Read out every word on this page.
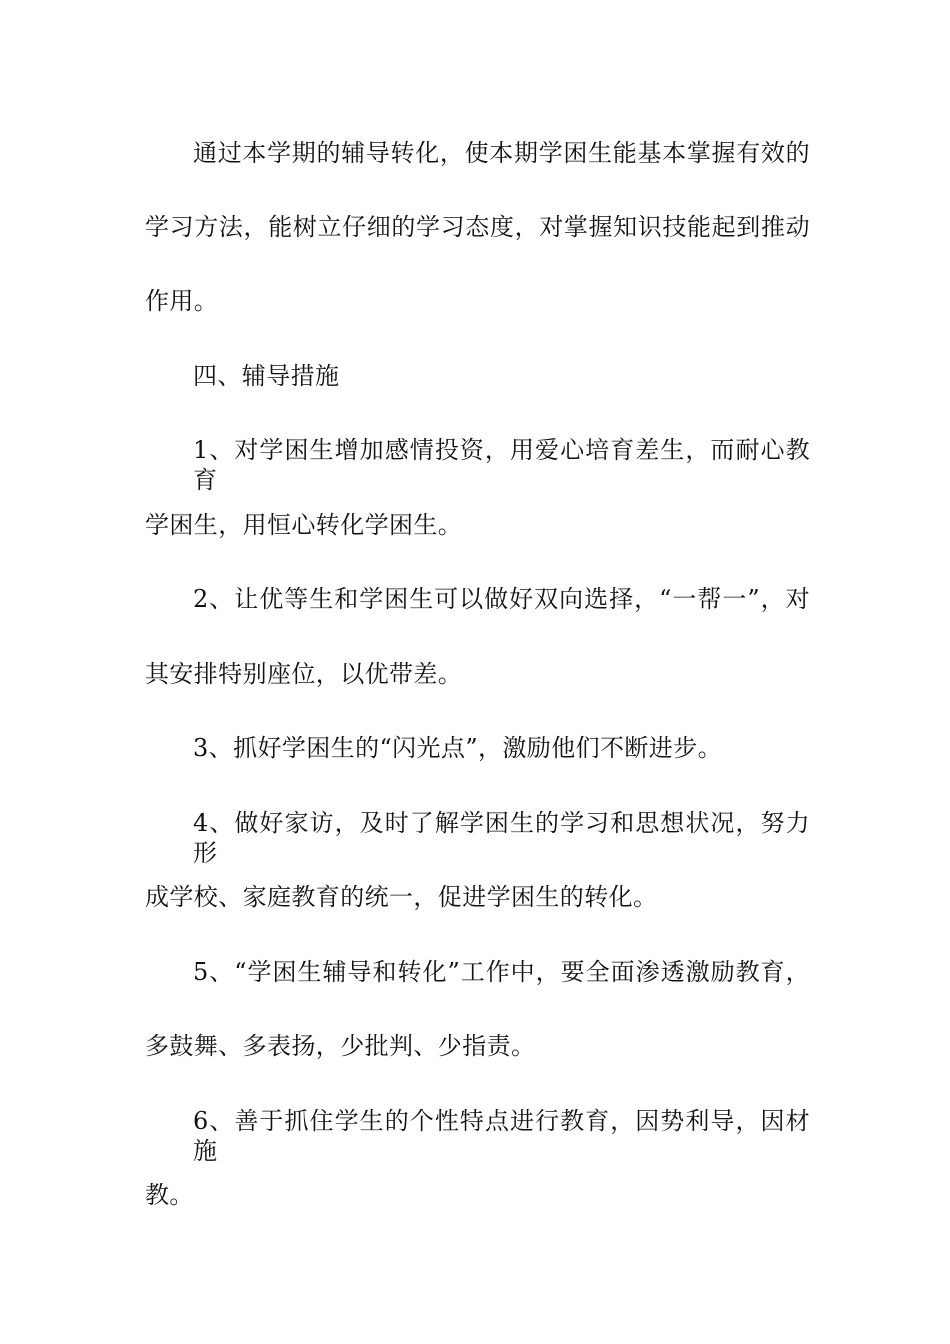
通过本学期的辅导转化，使本期学困生能基本掌握有效的
学习方法，能树立仔细的学习态度，对掌握知识技能起到推动
作用。
四、辅导措施
1、对学困生增加感情投资，用爱心培育差生，而耐心教育
学困生，用恒心转化学困生。
2、让优等生和学困生可以做好双向选择，“一帮一”，对
其安排特别座位，以优带差。
3、抓好学困生的“闪光点”，激励他们不断进步。
4、做好家访，及时了解学困生的学习和思想状况，努力形
成学校、家庭教育的统一，促进学困生的转化。
5、“学困生辅导和转化”工作中，要全面渗透激励教育，
多鼓舞、多表扬，少批判、少指责。
6、善于抓住学生的个性特点进行教育，因势利导，因材施
教。
